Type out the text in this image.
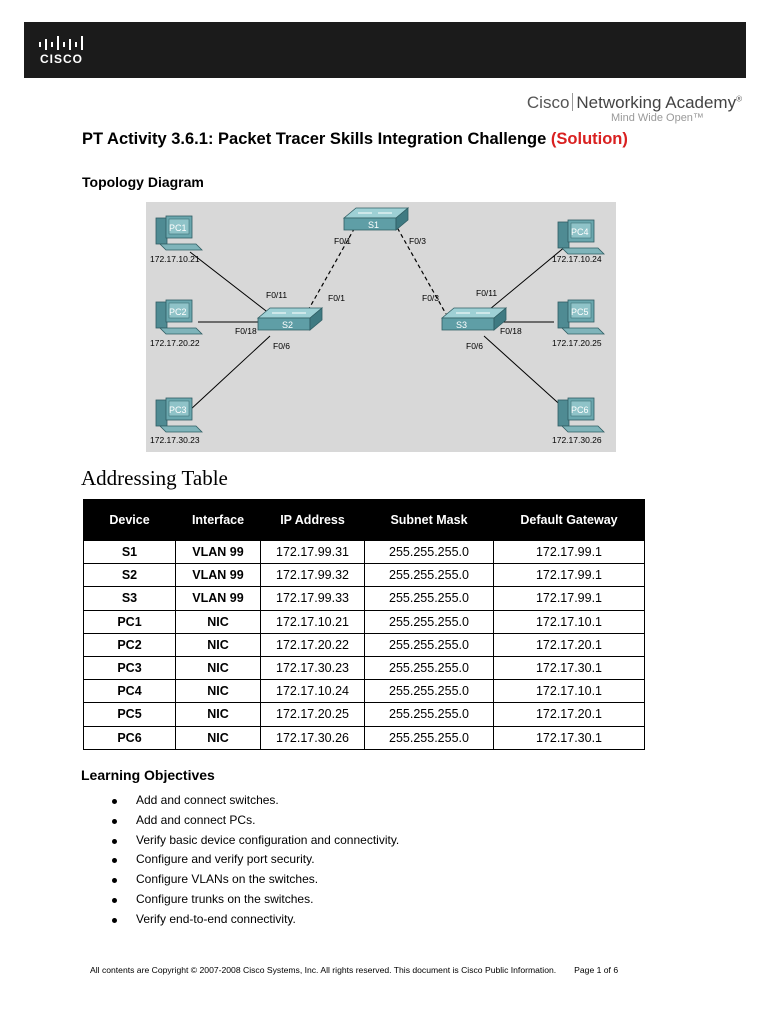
CISCO
Cisco Networking Academy®
Mind Wide Open™
PT Activity 3.6.1: Packet Tracer Skills Integration Challenge (Solution)
Topology Diagram
S1
S2	S3
PC1
172.17.10.21
PC2
172.17.20.22
PC3
172.17.30.23
PC4
172.17.10.24
PC5
172.17.20.25
PC6
172.17.30.26
F0/1	F0/3
F0/11	F0/1
F0/18
F0/6
F0/3	F0/11
F0/18
F0/6
Addressing Table
Device	Interface	IP Address	Subnet Mask	Default Gateway
S1	VLAN 99	172.17.99.31	255.255.255.0	172.17.99.1
S2	VLAN 99	172.17.99.32	255.255.255.0	172.17.99.1
S3	VLAN 99	172.17.99.33	255.255.255.0	172.17.99.1
PC1	NIC	172.17.10.21	255.255.255.0	172.17.10.1
PC2	NIC	172.17.20.22	255.255.255.0	172.17.20.1
PC3	NIC	172.17.30.23	255.255.255.0	172.17.30.1
PC4	NIC	172.17.10.24	255.255.255.0	172.17.10.1
PC5	NIC	172.17.20.25	255.255.255.0	172.17.20.1
PC6	NIC	172.17.30.26	255.255.255.0	172.17.30.1
Learning Objectives
Add and connect switches.
Add and connect PCs.
Verify basic device configuration and connectivity.
Configure and verify port security.
Configure VLANs on the switches.
Configure trunks on the switches.
Verify end-to-end connectivity.
All contents are Copyright © 2007-2008 Cisco Systems, Inc. All rights reserved. This document is Cisco Public Information. Page 1 of 6
